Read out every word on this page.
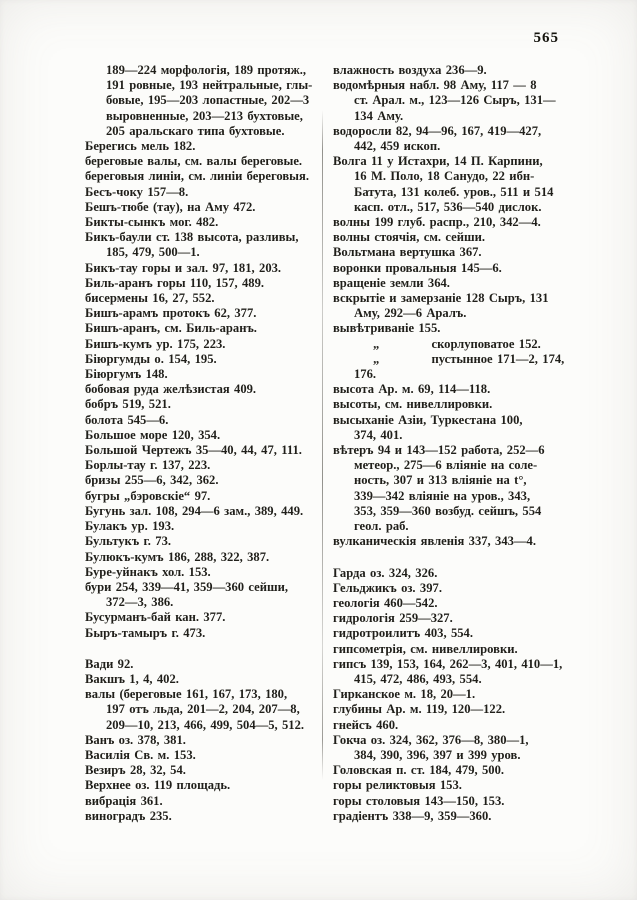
565
189—224 морфологія, 189 протяж.,
191 ровные, 193 нейтральные, глы-
бовые, 195—203 лопастные, 202—3
выровненные, 203—213 бухтовые,
205 аральскаго типа бухтовые.
Берегись мель 182.
береговые валы, см. валы береговые.
береговыя линіи, см. линіи береговыя.
Бесъ-чоку 157—8.
Бешъ-тюбе (тау), на Аму 472.
Бикты-сынкъ мог. 482.
Бикъ-баули ст. 138 высота, разливы,
185, 479, 500—1.
Бикъ-тау горы и зал. 97, 181, 203.
Биль-аранъ горы 110, 157, 489.
бисермены 16, 27, 552.
Бишъ-арамъ протокъ 62, 377.
Бишъ-аранъ, см. Биль-аранъ.
Бишъ-кумъ ур. 175, 223.
Біюргумды о. 154, 195.
Біюргумъ 148.
бобовая руда желѣзистая 409.
бобръ 519, 521.
болота 545—6.
Большое море 120, 354.
Большой Чертежъ 35—40, 44, 47, 111.
Борлы-тау г. 137, 223.
бризы 255—6, 342, 362.
бугры „бэровскіе“ 97.
Бугунь зал. 108, 294—6 зам., 389, 449.
Булакъ ур. 193.
Бультукъ г. 73.
Булюкъ-кумъ 186, 288, 322, 387.
Буре-уйнакъ хол. 153.
бури 254, 339—41, 359—360 сейши,
372—3, 386.
Бусурманъ-бай кан. 377.
Быръ-тамыръ г. 473.
Вади 92.
Вакшъ 1, 4, 402.
валы (береговые 161, 167, 173, 180,
197 отъ льда, 201—2, 204, 207—8,
209—10, 213, 466, 499, 504—5, 512.
Ванъ оз. 378, 381.
Василія Св. м. 153.
Везиръ 28, 32, 54.
Верхнее оз. 119 площадь.
вибрація 361.
виноградъ 235.
влажность воздуха 236—9.
водомѣрныя набл. 98 Аму, 117 — 8
ст. Арал. м., 123—126 Сыръ, 131—
134 Аму.
водоросли 82, 94—96, 167, 419—427,
442, 459 ископ.
Волга 11 у Истахри, 14 П. Карпини,
16 М. Поло, 18 Санудо, 22 ибн-
Батута, 131 колеб. уров., 511 и 514
касп. отл., 517, 536—540 дислок.
волны 199 глуб. распр., 210, 342—4.
волны стоячія, см. сейши.
Вольтмана вертушка 367.
воронки провальныя 145—6.
вращеніе земли 364.
вскрытіе и замерзаніе 128 Сыръ, 131
Аму, 292—6 Аралъ.
вывѣтриваніе 155.
„            скорлуповатое 152.
„            пустынное 171—2, 174,
176.
высота Ар. м. 69, 114—118.
высоты, см. нивеллировки.
высыханіе Азіи, Туркестана 100,
374, 401.
вѣтеръ 94 и 143—152 работа, 252—6
метеор., 275—6 вліяніе на соле-
ность, 307 и 313 вліяніе на t°,
339—342 вліяніе на уров., 343,
353, 359—360 возбуд. сейшъ, 554
геол. раб.
вулканическія явленія 337, 343—4.
Гарда оз. 324, 326.
Гельджикъ оз. 397.
геологія 460—542.
гидрологія 259—327.
гидротроилитъ 403, 554.
гипсометрія, см. нивеллировки.
гипсъ 139, 153, 164, 262—3, 401, 410—1,
415, 472, 486, 493, 554.
Гирканское м. 18, 20—1.
глубины Ар. м. 119, 120—122.
гнейсъ 460.
Гокча оз. 324, 362, 376—8, 380—1,
384, 390, 396, 397 и 399 уров.
Головская п. ст. 184, 479, 500.
горы реликтовыя 153.
горы столовыя 143—150, 153.
градіентъ 338—9, 359—360.
